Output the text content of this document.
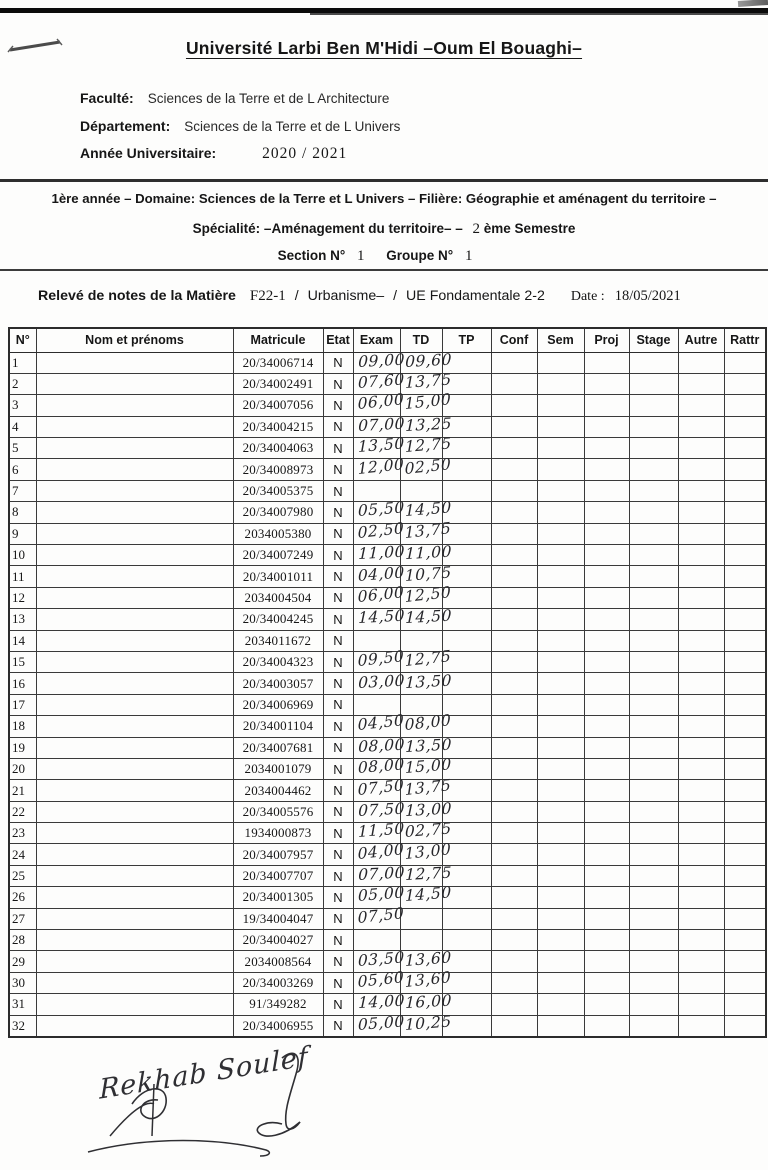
Université Larbi Ben M'Hidi –Oum El Bouaghi–
Faculté: Sciences de la Terre et de L Architecture
Département: Sciences de la Terre et de L Univers
Année Universitaire:	2020 / 2021
1ère année – Domaine: Sciences de la Terre et L Univers – Filière: Géographie et aménagent du territoire –
Spécialité: –Aménagement du territoire– – 2 ème Semestre
Section N° 1 Groupe N° 1
Relevé de notes de la Matière F22-1 / Urbanisme– / UE Fondamentale 2-2 Date : 18/05/2021
N°	Nom et prénoms	Matricule	Etat	Exam	TD	TP	Conf	Sem	Proj	Stage	Autre	Rattr
1		20/34006714	N	09,00	09,60							
2		20/34002491	N	07,60	13,75							
3		20/34007056	N	06,00	15,00							
4		20/34004215	N	07,00	13,25							
5		20/34004063	N	13,50	12,75							
6		20/34008973	N	12,00	02,50							
7		20/34005375	N									
8		20/34007980	N	05,50	14,50							
9		2034005380	N	02,50	13,75							
10		20/34007249	N	11,00	11,00							
11		20/34001011	N	04,00	10,75							
12		2034004504	N	06,00	12,50							
13		20/34004245	N	14,50	14,50							
14		2034011672	N									
15		20/34004323	N	09,50	12,75							
16		20/34003057	N	03,00	13,50							
17		20/34006969	N									
18		20/34001104	N	04,50	08,00							
19		20/34007681	N	08,00	13,50							
20		2034001079	N	08,00	15,00							
21		2034004462	N	07,50	13,75							
22		20/34005576	N	07,50	13,00							
23		1934000873	N	11,50	02,75							
24		20/34007957	N	04,00	13,00							
25		20/34007707	N	07,00	12,75							
26		20/34001305	N	05,00	14,50							
27		19/34004047	N	07,50								
28		20/34004027	N									
29		2034008564	N	03,50	13,60							
30		20/34003269	N	05,60	13,60							
31		91/349282	N	14,00	16,00							
32		20/34006955	N	05,00	10,25							
Rekhab Soulef
